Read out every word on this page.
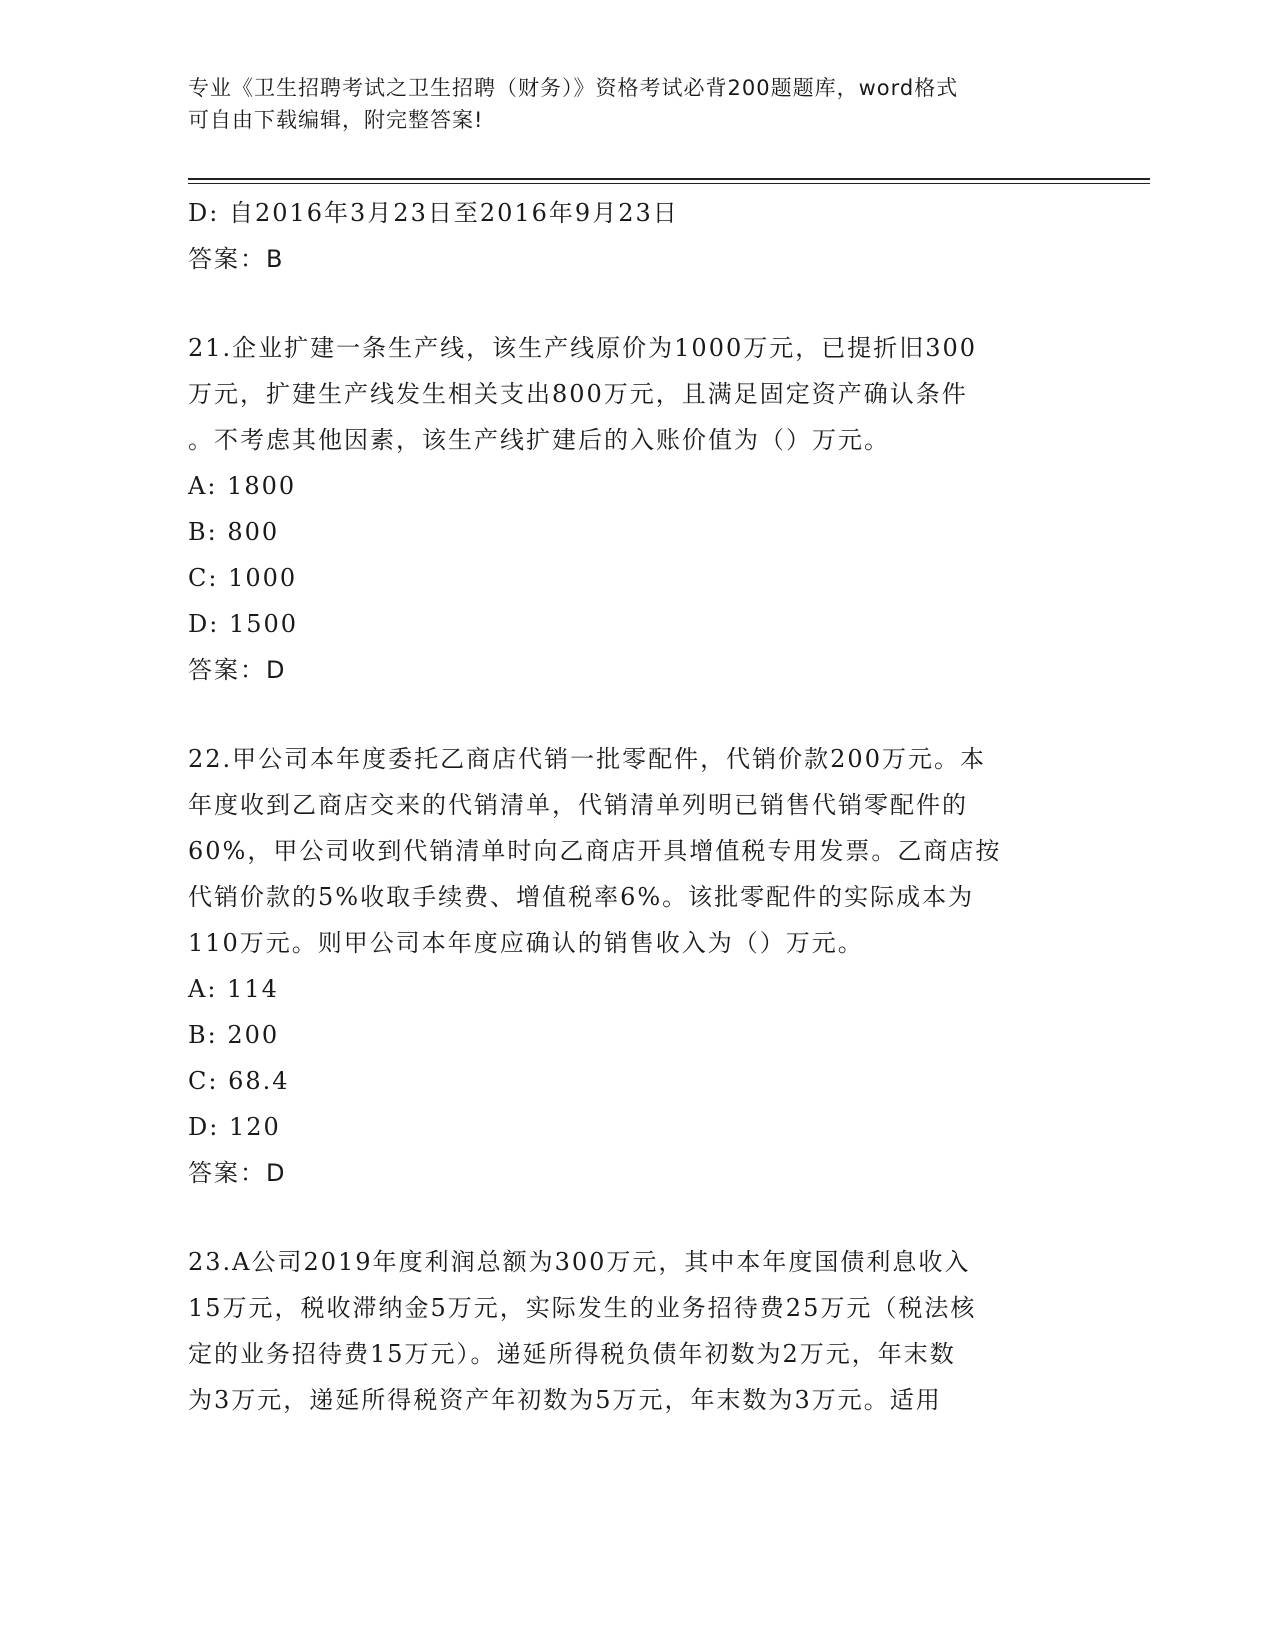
专业《卫生招聘考试之卫生招聘（财务）》资格考试必背200题题库，word格式
可自由下载编辑，附完整答案!
D: 自2016年3月23日至2016年9月23日
答案：B
21.企业扩建一条生产线，该生产线原价为1000万元，已提折旧300
万元，扩建生产线发生相关支出800万元，且满足固定资产确认条件
。不考虑其他因素，该生产线扩建后的入账价值为（）万元。
A: 1800
B: 800
C: 1000
D: 1500
答案：D
22.甲公司本年度委托乙商店代销一批零配件，代销价款200万元。本
年度收到乙商店交来的代销清单，代销清单列明已销售代销零配件的
60%，甲公司收到代销清单时向乙商店开具增值税专用发票。乙商店按
代销价款的5%收取手续费、增值税率6%。该批零配件的实际成本为
110万元。则甲公司本年度应确认的销售收入为（）万元。
A: 114
B: 200
C: 68.4
D: 120
答案：D
23.A公司2019年度利润总额为300万元，其中本年度国债利息收入
15万元，税收滞纳金5万元，实际发生的业务招待费25万元（税法核
定的业务招待费15万元）。递延所得税负债年初数为2万元，年末数
为3万元，递延所得税资产年初数为5万元，年末数为3万元。适用
